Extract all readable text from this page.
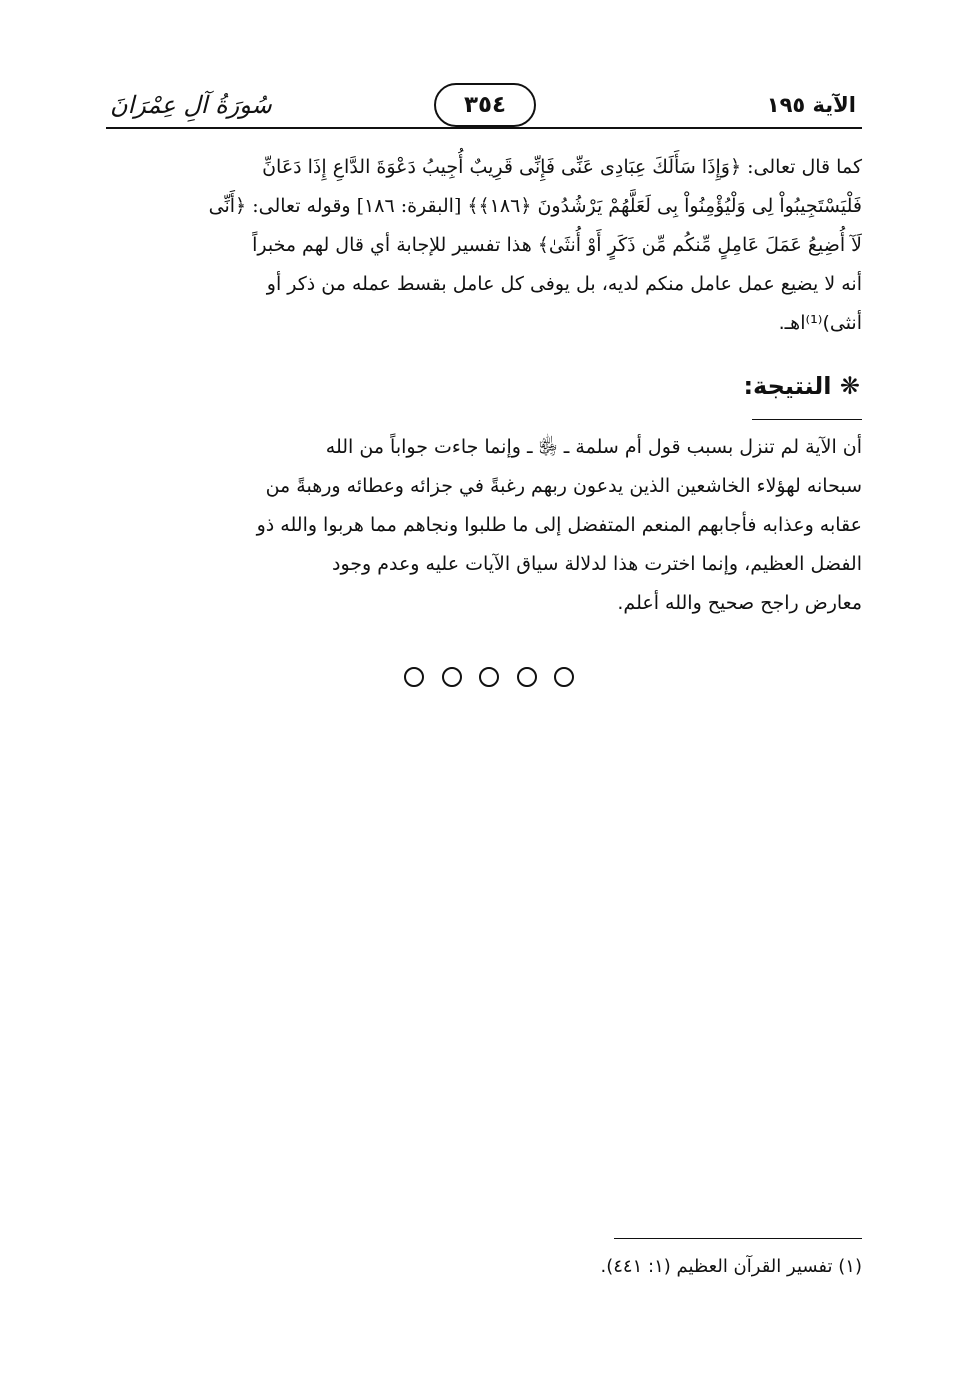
الآية ١٩٥
٣٥٤
سُورَةُ آلِ عِمْرَانَ

كما قال تعالى: ﴿وَإِذَا سَأَلَكَ عِبَادِى عَنِّى فَإِنِّى قَرِيبٌ أُجِيبُ دَعْوَةَ الدَّاعِ إِذَا دَعَانِّ

فَلْيَسْتَجِيبُواْ لِى وَلْيُؤْمِنُواْ بِى لَعَلَّهُمْ يَرْشُدُونَ ﴿١٨٦﴾﴾ [البقرة: ١٨٦] وقوله تعالى: ﴿أَنِّى

لَآ أُضِيعُ عَمَلَ عَامِلٍ مِّنكُم مِّن ذَكَرٍ أَوْ أُنثَىٰ﴾ هذا تفسير للإجابة أي قال لهم مخبراً

أنه لا يضيع عمل عامل منكم لديه، بل يوفى كل عامل بقسط عمله من ذكر أو

أنثى)⁽¹⁾اهـ.

❋ النتيجة:

أن الآية لم تنزل بسبب قول أم سلمة ـ ﵂ ـ وإنما جاءت جواباً من الله

سبحانه لهؤلاء الخاشعين الذين يدعون ربهم رغبةً في جزائه وعطائه ورهبةً من

عقابه وعذابه فأجابهم المنعم المتفضل إلى ما طلبوا ونجاهم مما هربوا والله ذو

الفضل العظيم، وإنما اخترت هذا لدلالة سياق الآيات عليه وعدم وجود

معارض راجح صحيح والله أعلم.

(١) تفسير القرآن العظيم (١: ٤٤١).
